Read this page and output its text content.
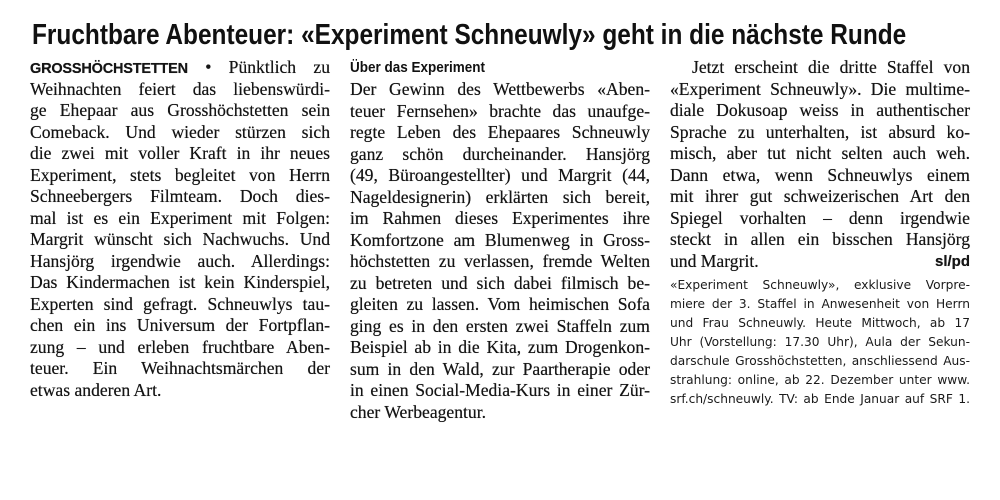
Fruchtbare Abenteuer: «Experiment Schneuwly» geht in die nächste Runde
GROSSHÖCHSTETTEN • Pünktlich zu
Weihnachten feiert das liebenswürdi-
ge Ehepaar aus Grosshöchstetten sein
Comeback. Und wieder stürzen sich
die zwei mit voller Kraft in ihr neues
Experiment, stets begleitet von Herrn
Schneebergers Filmteam. Doch dies-
mal ist es ein Experiment mit Folgen:
Margrit wünscht sich Nachwuchs. Und
Hansjörg irgendwie auch. Allerdings:
Das Kindermachen ist kein Kinderspiel,
Experten sind gefragt. Schneuwlys tau-
chen ein ins Universum der Fortpflan-
zung – und erleben fruchtbare Aben-
teuer. Ein Weihnachtsmärchen der
etwas anderen Art.
Über das Experiment
Der Gewinn des Wettbewerbs «Aben-
teuer Fernsehen» brachte das unaufge-
regte Leben des Ehepaares Schneuwly
ganz schön durcheinander. Hansjörg
(49, Büroangestellter) und Margrit (44,
Nageldesignerin) erklärten sich bereit,
im Rahmen dieses Experimentes ihre
Komfortzone am Blumenweg in Gross-
höchstetten zu verlassen, fremde Welten
zu betreten und sich dabei filmisch be-
gleiten zu lassen. Vom heimischen Sofa
ging es in den ersten zwei Staffeln zum
Beispiel ab in die Kita, zum Drogenkon-
sum in den Wald, zur Paartherapie oder
in einen Social-Media-Kurs in einer Zür-
cher Werbeagentur.
Jetzt erscheint die dritte Staffel von
«Experiment Schneuwly». Die multime-
diale Dokusoap weiss in authentischer
Sprache zu unterhalten, ist absurd ko-
misch, aber tut nicht selten auch weh.
Dann etwa, wenn Schneuwlys einem
mit ihrer gut schweizerischen Art den
Spiegel vorhalten – denn irgendwie
steckt in allen ein bisschen Hansjörg
und Margrit.	sl/pd
«Experiment Schneuwly», exklusive Vorpre-
miere der 3. Staffel in Anwesenheit von Herrn
und Frau Schneuwly. Heute Mittwoch, ab 17
Uhr (Vorstellung: 17.30 Uhr), Aula der Sekun-
darschule Grosshöchstetten, anschliessend Aus-
strahlung: online, ab 22. Dezember unter www.
srf.ch/schneuwly. TV: ab Ende Januar auf SRF 1.
